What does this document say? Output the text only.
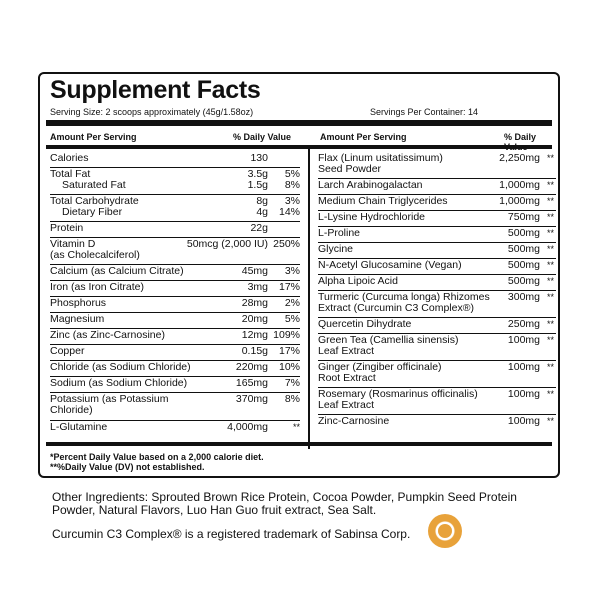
Supplement Facts
Serving Size: 2 scoops approximately (45g/1.58oz)	Servings Per Container: 14
Amount Per Serving	% Daily Value	Amount Per Serving	% Daily
*Percent Daily Value based on a 2,000 calorie diet.
**%Daily Value (DV) not established.
Calories	130
Total Fat	3.5g 5%
Saturated Fat	1.5g 8%
Total Carbohydrate	8g 3%
Dietary Fiber	4g 14%
Protein	22g
Vitamin D	50mcg (2,000 IU) 250%
(as Cholecalciferol)
Calcium (as Calcium Citrate)	45mg 3%
Iron (as Iron Citrate)	3mg 17%
Phosphorus	28mg 2%
Magnesium	20mg 5%
Zinc (as Zinc-Carnosine)	12mg 109%
Copper	0.15g 17%
Chloride (as Sodium Chloride)	220mg 10%
Sodium (as Sodium Chloride)	165mg 7%
Potassium (as Potassium	370mg 8%
Chloride)
L-Glutamine	4,000mg	**
Flax (Linum usitatissimum)	2,250mg **
Seed Powder
Larch Arabinogalactan	1,000mg **
Medium Chain Triglycerides	1,000mg **
L-Lysine Hydrochloride	750mg **
L-Proline	500mg **
Glycine	500mg **
N-Acetyl Glucosamine (Vegan)	500mg **
Alpha Lipoic Acid	500mg **
Turmeric (Curcuma longa) Rhizomes 300mg **
Extract (Curcumin C3 Complex®)
Quercetin Dihydrate	250mg **
Green Tea (Camellia sinensis)	100mg **
Leaf Extract
Ginger (Zingiber officinale)	100mg **
Root Extract
Rosemary (Rosmarinus officinalis)	100mg **
Leaf Extract
Zinc-Carnosine	100mg **
Other Ingredients: Sprouted Brown Rice Protein, Cocoa Powder, Pumpkin Seed Protein Powder, Natural Flavors, Luo Han Guo fruit extract, Sea Salt.
Curcumin C3 Complex® is a registered trademark of Sabinsa Corp.
